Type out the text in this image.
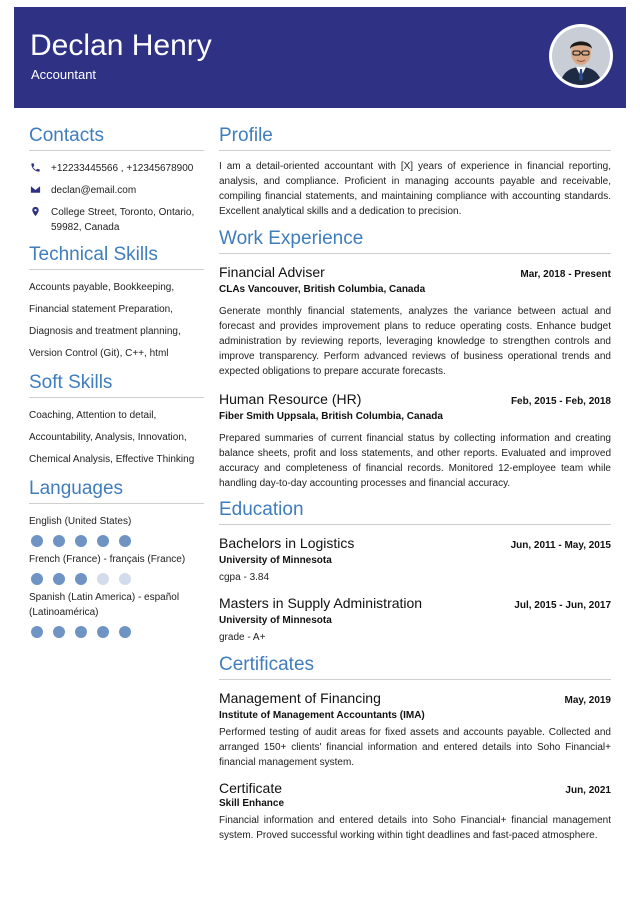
Declan Henry
Accountant
Contacts
+12233445566 , +12345678900
declan@email.com
College Street, Toronto, Ontario,
59982, Canada
Technical Skills
Accounts payable, Bookkeeping,
Financial statement Preparation,
Diagnosis and treatment planning,
Version Control (Git), C++, html
Soft Skills
Coaching, Attention to detail,
Accountability, Analysis, Innovation,
Chemical Analysis, Effective Thinking
Languages
English (United States)
French (France) - français (France)
Spanish (Latin America) - español
(Latinoamérica)
Profile
I am a detail-oriented accountant with [X] years of experience in financial reporting, analysis, and compliance. Proficient in managing accounts payable and receivable, compiling financial statements, and maintaining compliance with accounting standards. Excellent analytical skills and a dedication to precision.
Work Experience
Financial Adviser	Mar, 2018 - Present
CLAs Vancouver, British Columbia, Canada
Generate monthly financial statements, analyzes the variance between actual and forecast and provides improvement plans to reduce operating costs. Enhance budget administration by reviewing reports, leveraging knowledge to strengthen controls and improve transparency. Perform advanced reviews of business operational trends and expected obligations to prepare accurate forecasts.
Human Resource (HR)	Feb, 2015 - Feb, 2018
Fiber Smith Uppsala, British Columbia, Canada
Prepared summaries of current financial status by collecting information and creating balance sheets, profit and loss statements, and other reports. Evaluated and improved accuracy and completeness of financial records. Monitored 12-employee team while handling day-to-day accounting processes and financial accuracy.
Education
Bachelors in Logistics	Jun, 2011 - May, 2015
University of Minnesota
cgpa - 3.84
Masters in Supply Administration	Jul, 2015 - Jun, 2017
University of Minnesota
grade - A+
Certificates
Management of Financing	May, 2019
Institute of Management Accountants (IMA)
Performed testing of audit areas for fixed assets and accounts payable. Collected and arranged 150+ clients' financial information and entered details into Soho Financial+ financial management system.
Certificate	Jun, 2021
Skill Enhance
Financial information and entered details into Soho Financial+ financial management system. Proved successful working within tight deadlines and fast-paced atmosphere.
